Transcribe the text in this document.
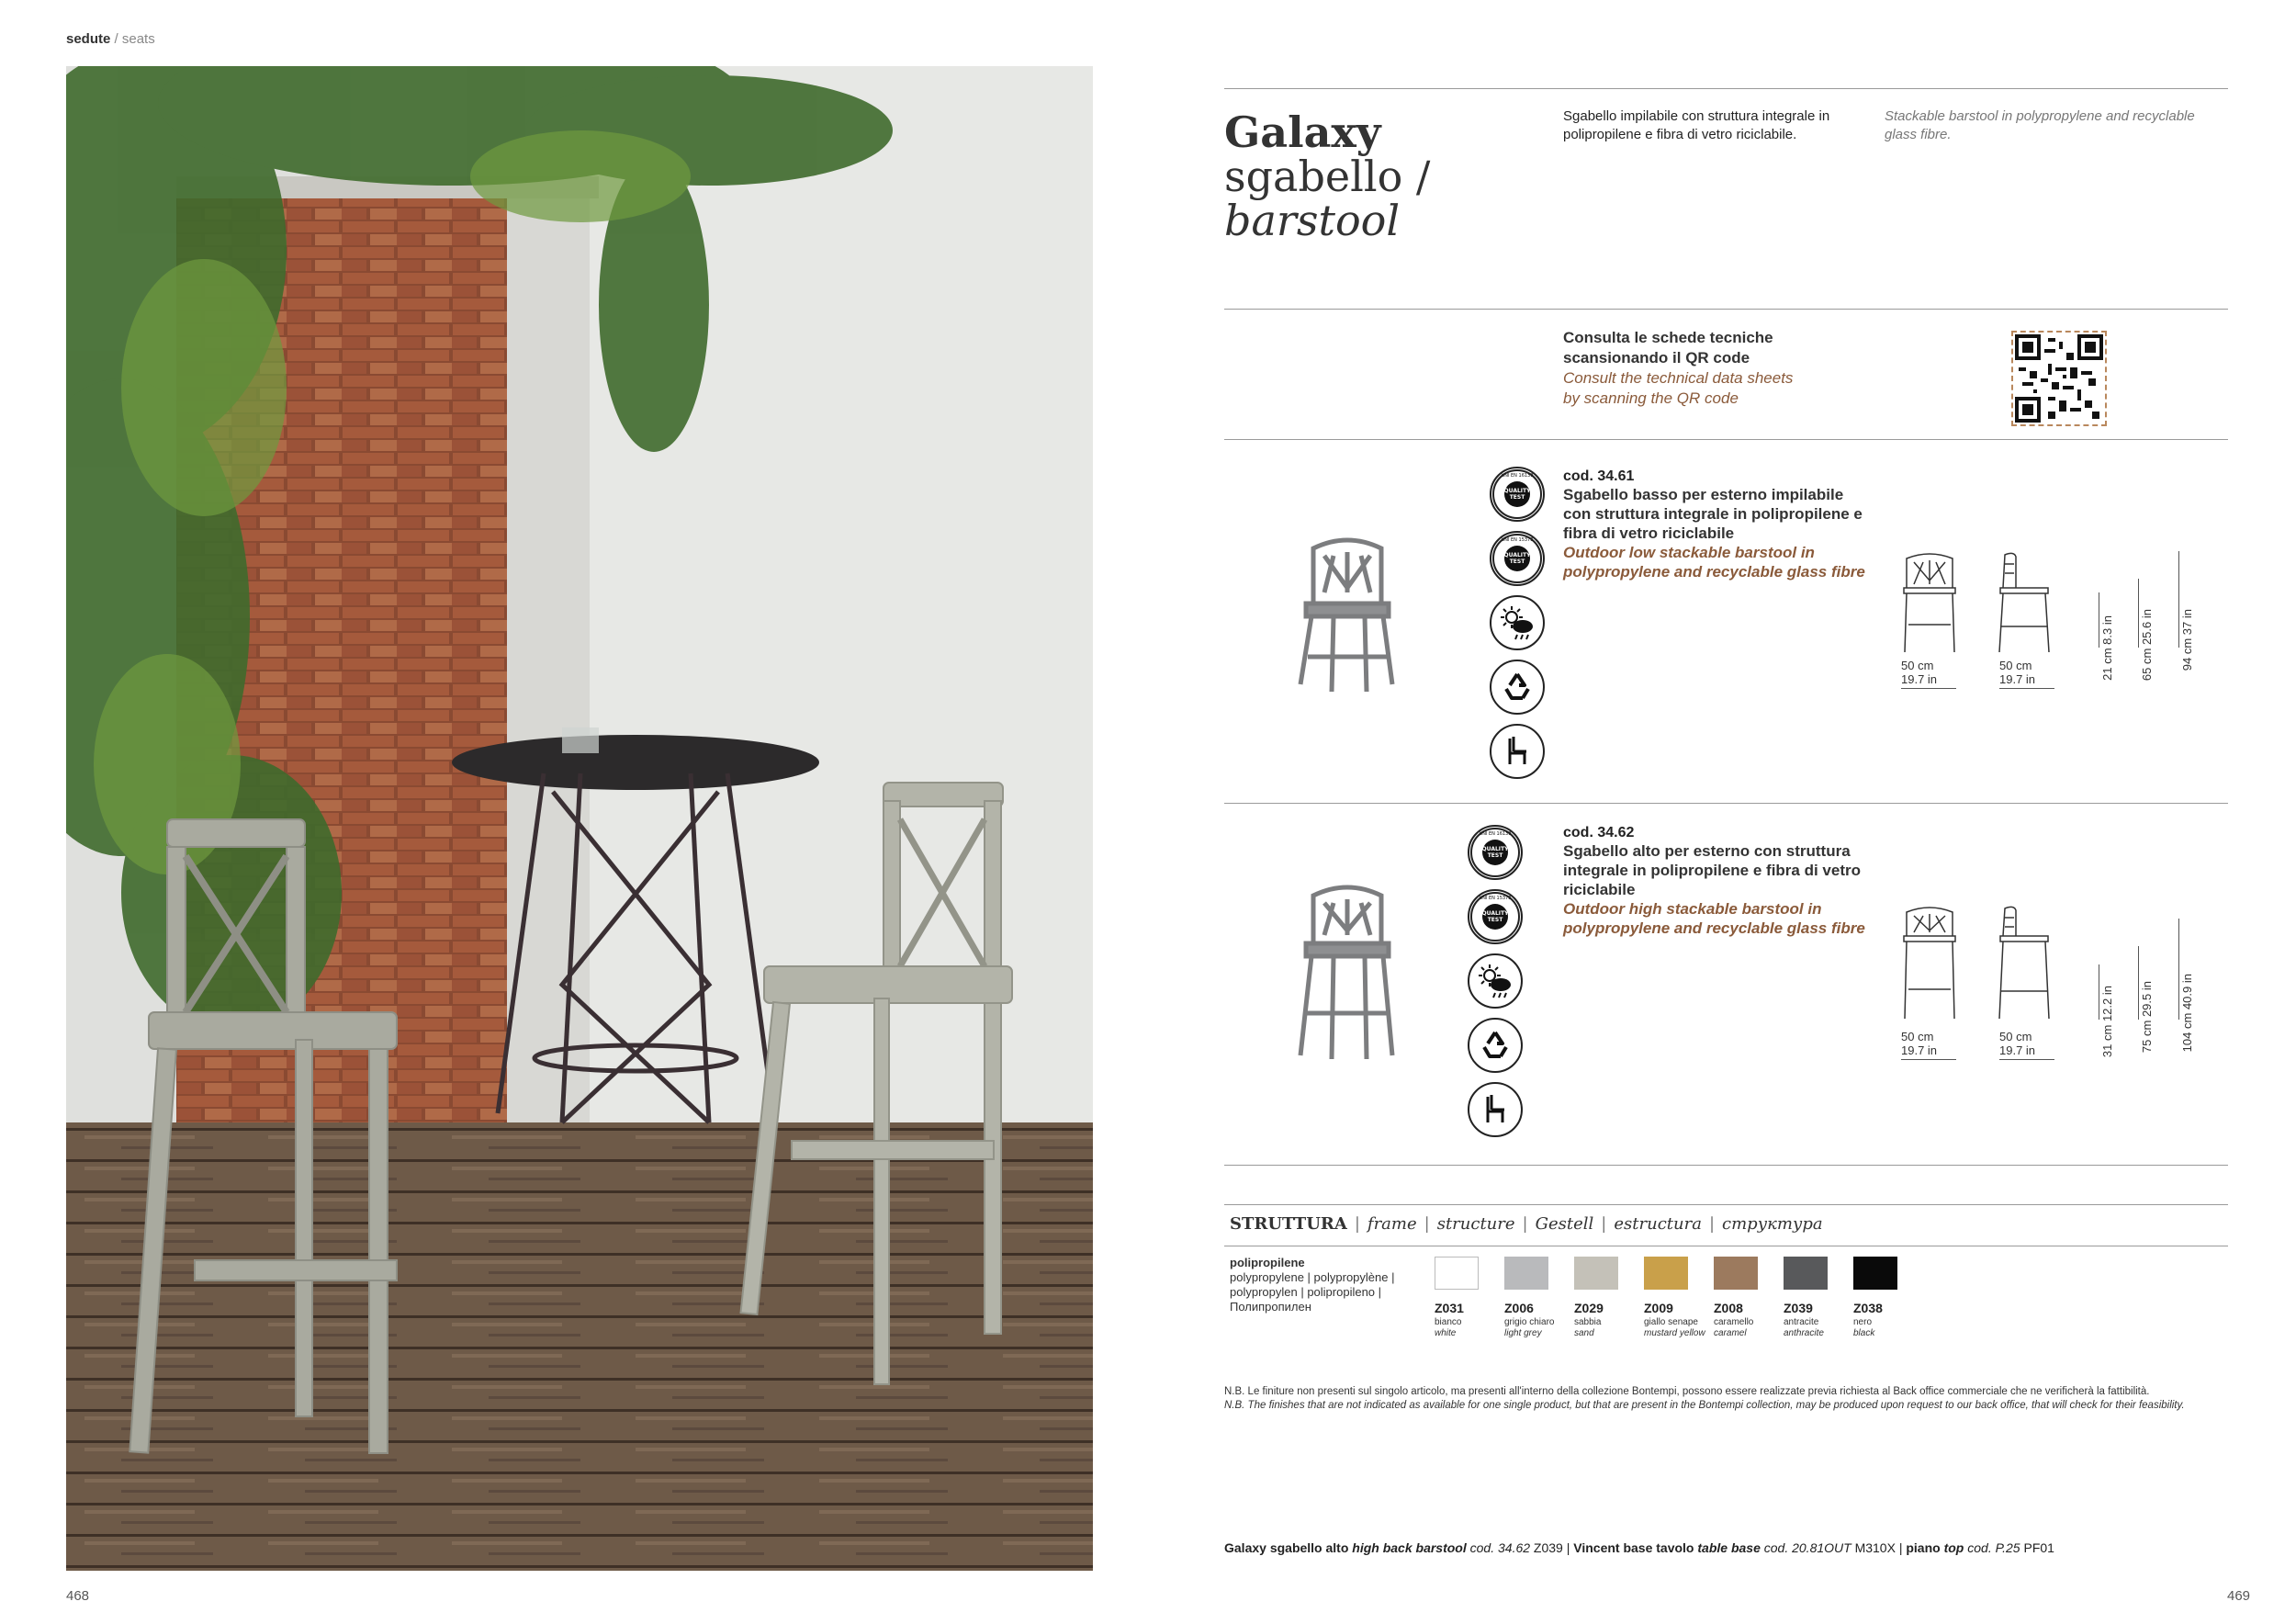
sedute / seats
468	469
Galaxy
sgabello /
barstool
Sgabello impilabile con struttura integrale in polipropilene e fibra di vetro riciclabile.
Stackable barstool in polypropylene and recyclable glass fibre.
Consulta le schede tecniche
scansionando il QR code
Consult the technical data sheets
by scanning the QR code
QUALITY
TEST
UNI EN 16139
QUALITY
TEST
UNI EN 15373
cod. 34.61
Sgabello basso per esterno impilabile con struttura integrale in polipropilene e fibra di vetro riciclabile
Outdoor low stackable barstool in polypropylene and recyclable glass fibre
50 cm
19.7 in
50 cm
19.7 in	21 cm 8.3 in
65 cm 25.6 in
94 cm 37 in
QUALITY
TEST
UNI EN 16139
QUALITY
TEST
UNI EN 15373
cod. 34.62
Sgabello alto per esterno con struttura integrale in polipropilene e fibra di vetro riciclabile
Outdoor high stackable barstool in polypropylene and recyclable glass fibre
50 cm
19.7 in
50 cm
19.7 in	31 cm 12.2 in
75 cm 29.5 in
104 cm 40.9 in
STRUTTURA | frame | structure | Gestell | estructura | структура
polipropilene
polypropylene | polypropylène | polypropylen | polipropileno | Полипропилен	Z031
bianco
white
Z006
grigio chiaro
light grey
Z029
sabbia
sand
Z009
giallo senape
mustard yellow
Z008
caramello
caramel
Z039
antracite
anthracite
Z038
nero
black
N.B. Le finiture non presenti sul singolo articolo, ma presenti all'interno della collezione Bontempi, possono essere realizzate previa richiesta al Back office commerciale che ne verificherà la fattibilità.
N.B. The finishes that are not indicated as available for one single product, but that are present in the Bontempi collection, may be produced upon request to our back office, that will check for their feasibility.
Galaxy sgabello alto high back barstool cod. 34.62 Z039 | Vincent base tavolo table base cod. 20.81OUT M310X | piano top cod. P.25 PF01
